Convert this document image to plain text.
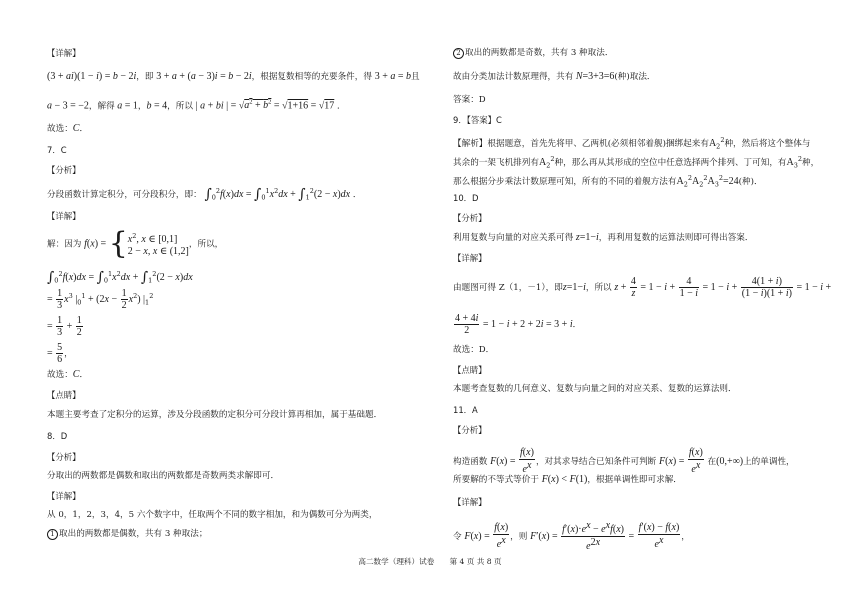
【详解】
(3 + ai)(1 − i) = b − 2i，即 3 + a + (a − 3)i = b − 2i，根据复数相等的充要条件，得 3 + a = b且
a − 3 = −2，解得 a = 1，b = 4，所以 | a + bi | = $√a^2 + b^2 = √1+16 = √17$ ．
故选：C．
7．C
【分析】
分段函数计算定积分，可分段积分，即： $\int_0^2f(x)dx = \int_0^1x^2dx + \int_1^2(2 - x)dx$ ．
【详解】
解：因为 f(x) = { $x^2$, x ∈ [0,1]
2 − x, x ∈ (1,2]
，所以，
$\int_0^2f(x)dx = \int_0^1x^2dx + \int_1^2(2 - x)dx$
= $\frac{1}{3} x^3$ $|_0^1 + (2x - \frac{1}{2} x^2)$ $|_1^2$
= $\frac{1}{3} + \frac{1}{2}$
= $\frac{5}{6}$ ，
故选：C．
【点睛】
本题主要考查了定积分的运算，涉及分段函数的定积分可分段计算再相加，属于基础题．
8．D
【分析】
分取出的两数都是偶数和取出的两数都是奇数两类求解即可．
【详解】
从 0，1，2，3，4，5 六个数字中，任取两个不同的数字相加，和为偶数可分为两类，
1 取出的两数都是偶数，共有 3 种取法；
2 取出的两数都是奇数，共有 3 种取法．
故由分类加法计数原理得，共有 N=3+3=6(种)取法．
答案：D
9．【答案】C
【解析】根据题意，首先先将甲、乙两机(必须相邻着舰)捆绑起来有$A_2^2$种，然后将这个整体与
其余的一架飞机排列有$A_2^2$种，那么再从其形成的空位中任意选择两个排列、丁可知，有$A_3^2$种，
那么根据分步乘法计数原理可知，所有的不同的着舰方法有$A_2^2A_2^2A_3^2=24$(种)．
10．D
【分析】
利用复数与向量的对应关系可得 z=1−i，再利用复数的运算法则即可得出答案．
【详解】
由题图可得 Z（1，－1），即z=1−i，所以 $z + \frac{4}{z} = 1 - i + \frac{4}{1 - i} = 1 - i + \frac{4(1 + i)}{(1 - i)(1 + i)} = 1 - i$ +
$\frac{4 + 4i}{2} = 1 - i + 2 + 2i = 3 + i$．
故选：D．
【点睛】
本题考查复数的几何意义、复数与向量之间的对应关系、复数的运算法则．
11．A
【分析】
构造函数 $F(x) = \frac{f(x)}{e^x}$ ，对其求导结合已知条件可判断 $F(x) = \frac{f(x)}{e^x}$ 在(0,+∞)上的单调性，
所要解的不等式等价于 F(x) < F(1)，根据单调性即可求解．
【详解】
令 $F(x) = \frac{f(x)}{e^x}$ ，则 $F'(x) = \frac{f'(x)\cdot e^x - e^xf(x)}{e^{2x}} = \frac{f'(x) - f(x)}{e^x}$ ，
高二数学（理科）试卷　　第 4 页 共 8 页
